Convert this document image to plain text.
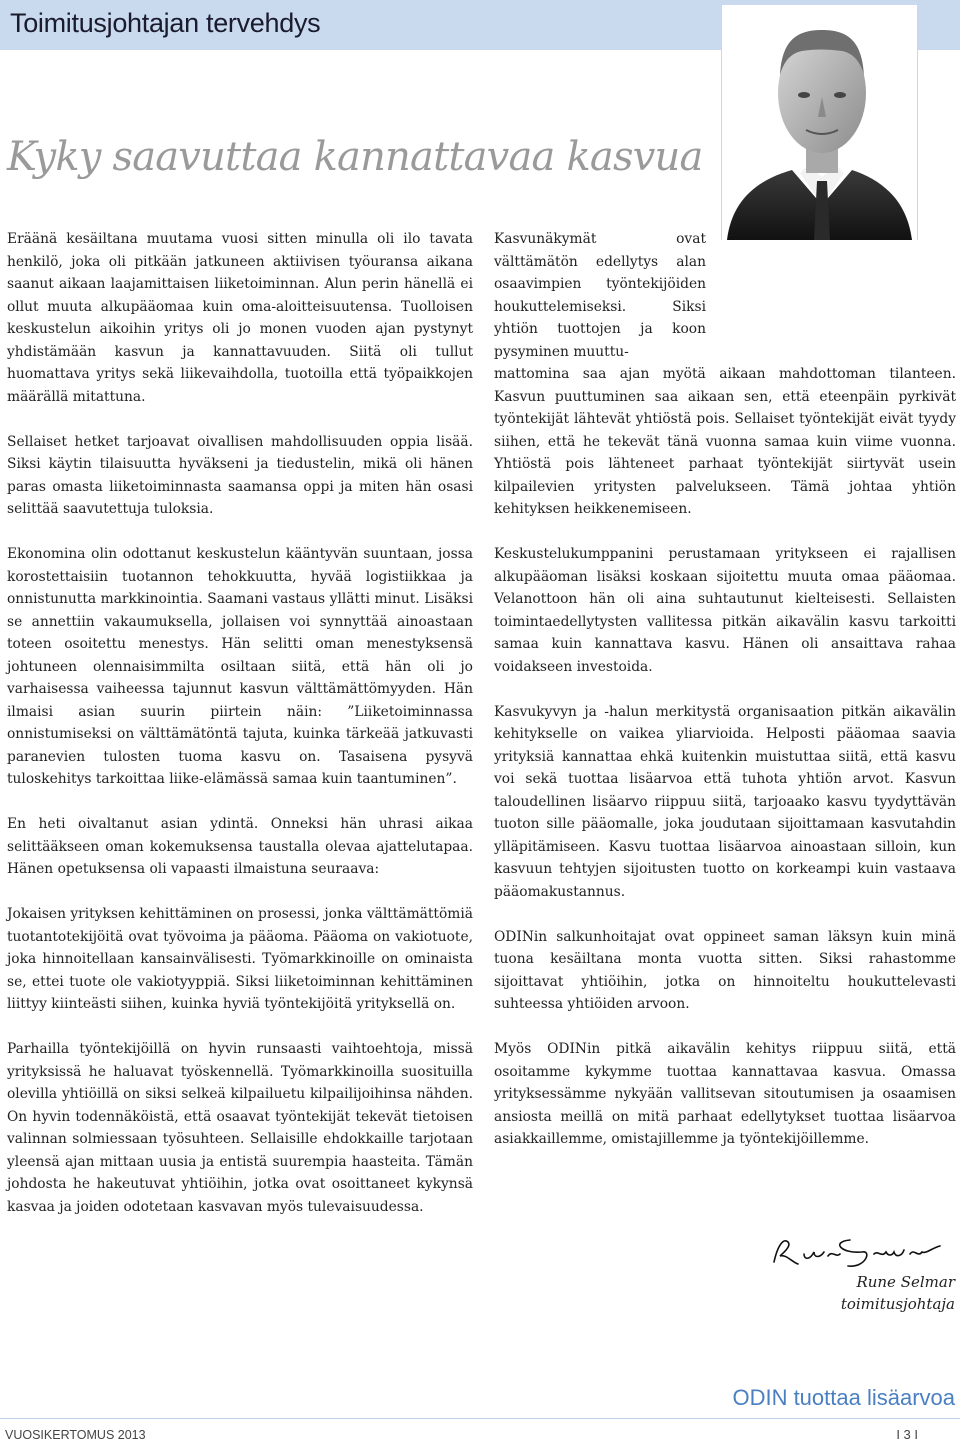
Toimitusjohtajan tervehdys
Kyky saavuttaa kannattavaa kasvua

Eräänä kesäiltana muutama vuosi sitten minulla oli ilo tavata henkilö, joka oli pitkään jatkuneen aktiivisen työuransa aikana saanut aikaan laajamittaisen liiketoiminnan. Alun perin hänellä ei ollut muuta alkupääomaa kuin oma-aloitteisuutensa. Tuolloisen keskustelun aikoihin yritys oli jo monen vuoden ajan pystynyt yhdistämään kasvun ja kannattavuuden. Siitä oli tullut huomattava yritys sekä liikevaihdolla, tuotoilla että työpaikkojen määrällä mitattuna.

Sellaiset hetket tarjoavat oivallisen mahdollisuuden oppia lisää. Siksi käytin tilaisuutta hyväkseni ja tiedustelin, mikä oli hänen paras omasta liiketoiminnasta saamansa oppi ja miten hän osasi selittää saavutettuja tuloksia.

Ekonomina olin odottanut keskustelun kääntyvän suuntaan, jossa korostettaisiin tuotannon tehokkuutta, hyvää logistiikkaa ja onnistunutta markkinointia. Saamani vastaus yllätti minut. Lisäksi se annettiin vakaumuksella, jollaisen voi synnyttää ainoastaan toteen osoitettu menestys. Hän selitti oman menestyksensä johtuneen olennaisimmilta osiltaan siitä, että hän oli jo varhaisessa vaiheessa tajunnut kasvun välttämättömyyden. Hän ilmaisi asian suurin piirtein näin: ”Liiketoiminnassa onnistumiseksi on välttämätöntä tajuta, kuinka tärkeää jatkuvasti paranevien tulosten tuoma kasvu on. Tasaisena pysyvä tuloskehitys tarkoittaa liike-elämässä samaa kuin taantuminen”.

En heti oivaltanut asian ydintä. Onneksi hän uhrasi aikaa selittääkseen oman kokemuksensa taustalla olevaa ajattelutapaa. Hänen opetuksensa oli vapaasti ilmaistuna seuraava:

Jokaisen yrityksen kehittäminen on prosessi, jonka välttämättömiä tuotantotekijöitä ovat työvoima ja pääoma. Pääoma on vakiotuote, joka hinnoitellaan kansainvälisesti. Työmarkkinoille on ominaista se, ettei tuote ole vakiotyyppiä. Siksi liiketoiminnan kehittäminen liittyy kiinteästi siihen, kuinka hyviä työntekijöitä yrityksellä on.

Parhailla työntekijöillä on hyvin runsaasti vaihtoehtoja, missä yrityksissä he haluavat työskennellä. Työmarkkinoilla suosituilla olevilla yhtiöillä on siksi selkeä kilpailuetu kilpailijoihinsa nähden. On hyvin todennäköistä, että osaavat työntekijät tekevät tietoisen valinnan solmiessaan työsuhteen. Sellaisille ehdokkaille tarjotaan yleensä ajan mittaan uusia ja entistä suurempia haasteita. Tämän johdosta he hakeutuvat yhtiöihin, jotka ovat osoittaneet kykynsä kasvaa ja joiden odotetaan kasvavan myös tulevaisuudessa.

Kasvunäkymät ovat välttämätön edellytys alan osaavimpien työntekijöiden houkuttelemiseksi. Siksi yhtiön tuottojen ja koon pysyminen muuttu-

mattomina saa ajan myötä aikaan mahdottoman tilanteen. Kasvun puuttuminen saa aikaan sen, että eteenpäin pyrkivät työntekijät lähtevät yhtiöstä pois. Sellaiset työntekijät eivät tyydy siihen, että he tekevät tänä vuonna samaa kuin viime vuonna. Yhtiöstä pois lähteneet parhaat työntekijät siirtyvät usein kilpailevien yritysten palvelukseen. Tämä johtaa yhtiön kehityksen heikkenemiseen.

Keskustelukumppanini perustamaan yritykseen ei rajallisen alkupääoman lisäksi koskaan sijoitettu muuta omaa pääomaa. Velanottoon hän oli aina suhtautunut kielteisesti. Sellaisten toimintaedellytysten vallitessa pitkän aikavälin kasvu tarkoitti samaa kuin kannattava kasvu. Hänen oli ansaittava rahaa voidakseen investoida.

Kasvukyvyn ja -halun merkitystä organisaation pitkän aikavälin kehitykselle on vaikea yliarvioida. Helposti pääomaa saavia yrityksiä kannattaa ehkä kuitenkin muistuttaa siitä, että kasvu voi sekä tuottaa lisäarvoa että tuhota yhtiön arvot. Kasvun taloudellinen lisäarvo riippuu siitä, tarjoaako kasvu tyydyttävän tuoton sille pääomalle, joka joudutaan sijoittamaan kasvutahdin ylläpitämiseen. Kasvu tuottaa lisäarvoa ainoastaan silloin, kun kasvuun tehtyjen sijoitusten tuotto on korkeampi kuin vastaava pääomakustannus.

ODINin salkunhoitajat ovat oppineet saman läksyn kuin minä tuona kesäiltana monta vuotta sitten. Siksi rahastomme sijoittavat yhtiöihin, jotka on hinnoiteltu houkuttelevasti suhteessa yhtiöiden arvoon.

Myös ODINin pitkä aikavälin kehitys riippuu siitä, että osoitamme kykymme tuottaa kannattavaa kasvua. Omassa yrityksessämme nykyään vallitsevan sitoutumisen ja osaamisen ansiosta meillä on mitä parhaat edellytykset tuottaa lisäarvoa asiakkaillemme, omistajillemme ja työntekijöillemme.

Rune Selmar
toimitusjohtaja
ODIN tuottaa lisäarvoa
VUOSIKERTOMUS 2013	I 3 I
